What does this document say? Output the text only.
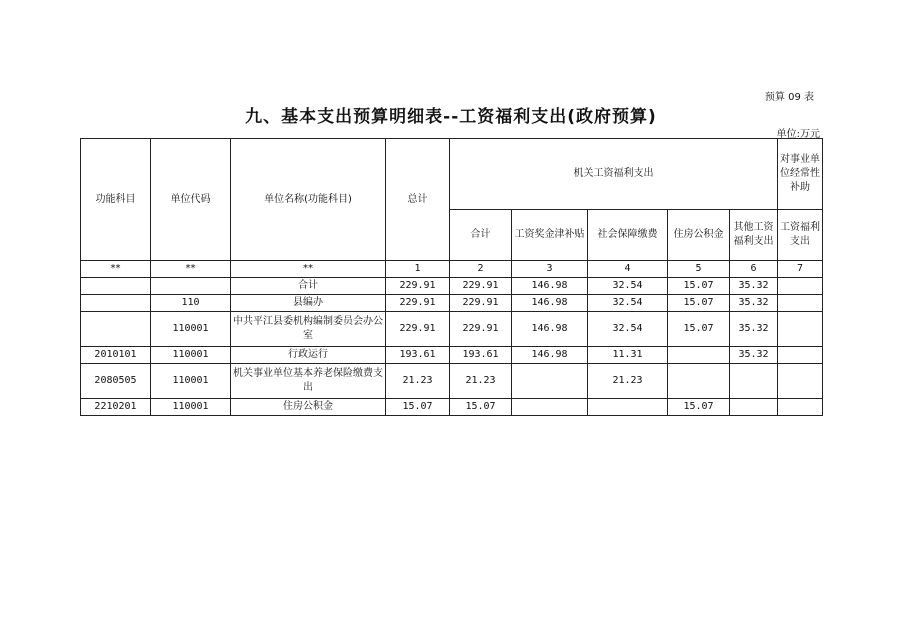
预算 09 表
九、基本支出预算明细表--工资福利支出(政府预算)
单位:万元
功能科目	单位代码	单位名称(功能科目)	总计	机关工资福利支出					对事业单位经常性补助
				合计	工资奖金津补贴	社会保障缴费	住房公积金	其他工资福利支出	工资福利支出
**	**	**	1	2	3	4	5	6	7
		合计	229.91	229.91	146.98	32.54	15.07	35.32	
	110	县编办	229.91	229.91	146.98	32.54	15.07	35.32	
	110001	中共平江县委机构编制委员会办公室	229.91	229.91	146.98	32.54	15.07	35.32	
2010101	110001	行政运行	193.61	193.61	146.98	11.31		35.32	
2080505	110001	机关事业单位基本养老保险缴费支出	21.23	21.23		21.23			
2210201	110001	住房公积金	15.07	15.07			15.07		
